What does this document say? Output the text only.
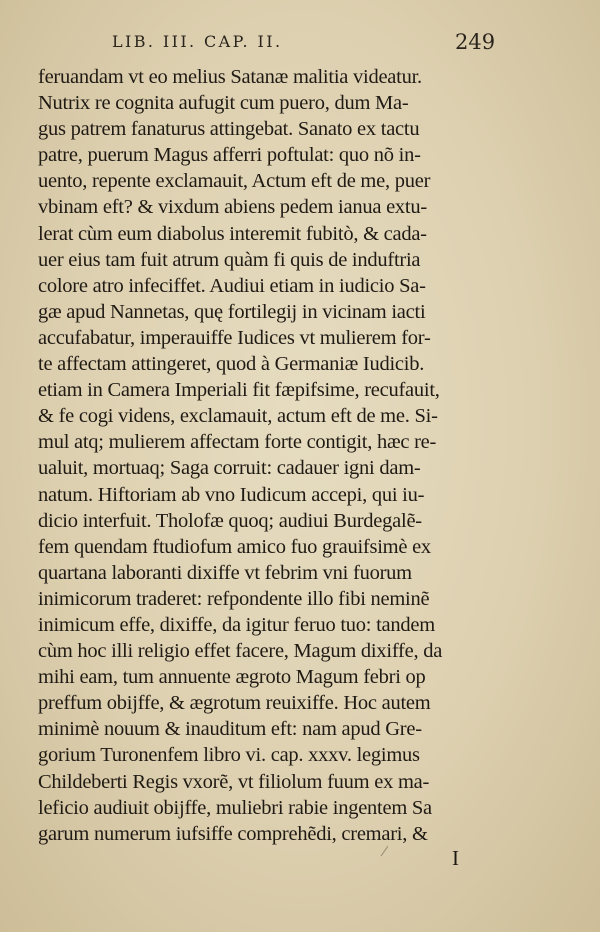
LIB. III. CAP. II.	249
feruandam vt eo melius Satanæ malitia videatur.
Nutrix re cognita aufugit cum puero, dum Ma-
gus patrem fanaturus attingebat. Sanato ex tactu
patre, puerum Magus afferri poftulat: quo nõ in-
uento, repente exclamauit, Actum eft de me, puer
vbinam eft? & vixdum abiens pedem ianua extu-
lerat cùm eum diabolus interemit fubitò, & cada-
uer eius tam fuit atrum quàm fi quis de induftria
colore atro infeciffet. Audiui etiam in iudicio Sa-
gæ apud Nannetas, quę fortilegij in vicinam iacti
accufabatur, imperauiffe Iudices vt mulierem for-
te affectam attingeret, quod à Germaniæ Iudicib.
etiam in Camera Imperiali fit fæpifsime, recufauit,
& fe cogi videns, exclamauit, actum eft de me. Si-
mul atq; mulierem affectam forte contigit, hæc re-
ualuit, mortuaq; Saga corruit: cadauer igni dam-
natum. Hiftoriam ab vno Iudicum accepi, qui iu-
dicio interfuit. Tholofæ quoq; audiui Burdegalẽ-
fem quendam ftudiofum amico fuo grauifsimè ex
quartana laboranti dixiffe vt febrim vni fuorum
inimicorum traderet: refpondente illo fibi neminẽ
inimicum effe, dixiffe, da igitur feruo tuo: tandem
cùm hoc illi religio effet facere, Magum dixiffe, da
mihi eam, tum annuente ægroto Magum febri op
preffum obijffe, & ægrotum reuixiffe. Hoc autem
minimè nouum & inauditum eft: nam apud Gre-
gorium Turonenfem libro vi. cap. xxxv. legimus
Childeberti Regis vxorẽ, vt filiolum fuum ex ma-
leficio audiuit obijffe, muliebri rabie ingentem Sa
garum numerum iufsiffe comprehẽdi, cremari, &
I
